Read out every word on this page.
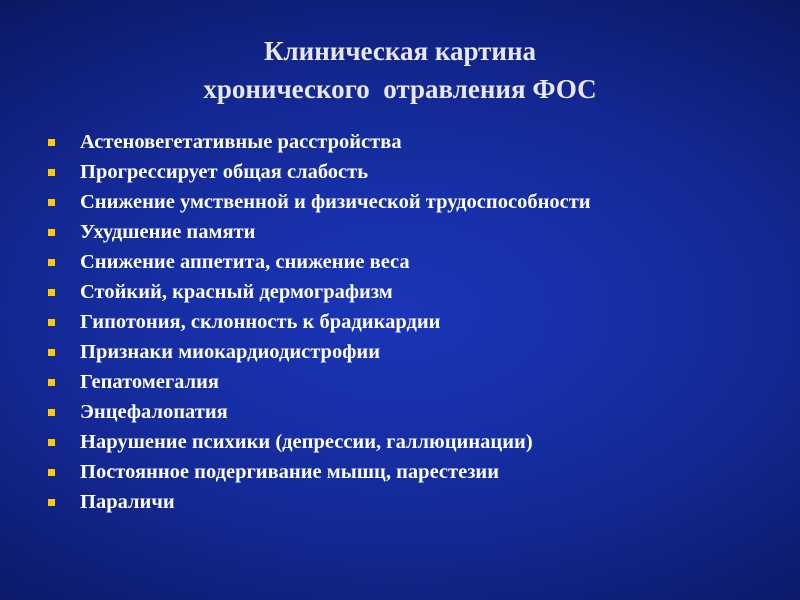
Клиническая картина
хронического  отравления ФОС
Астеновегетативные расстройства
Прогрессирует общая слабость
Снижение умственной и физической трудоспособности
Ухудшение памяти
Снижение аппетита, снижение веса
Стойкий, красный дермографизм
Гипотония, склонность к брадикардии
Признаки миокардиодистрофии
Гепатомегалия
Энцефалопатия
Нарушение психики (депрессии, галлюцинации)
Постоянное подергивание мышц, парестезии
Параличи
